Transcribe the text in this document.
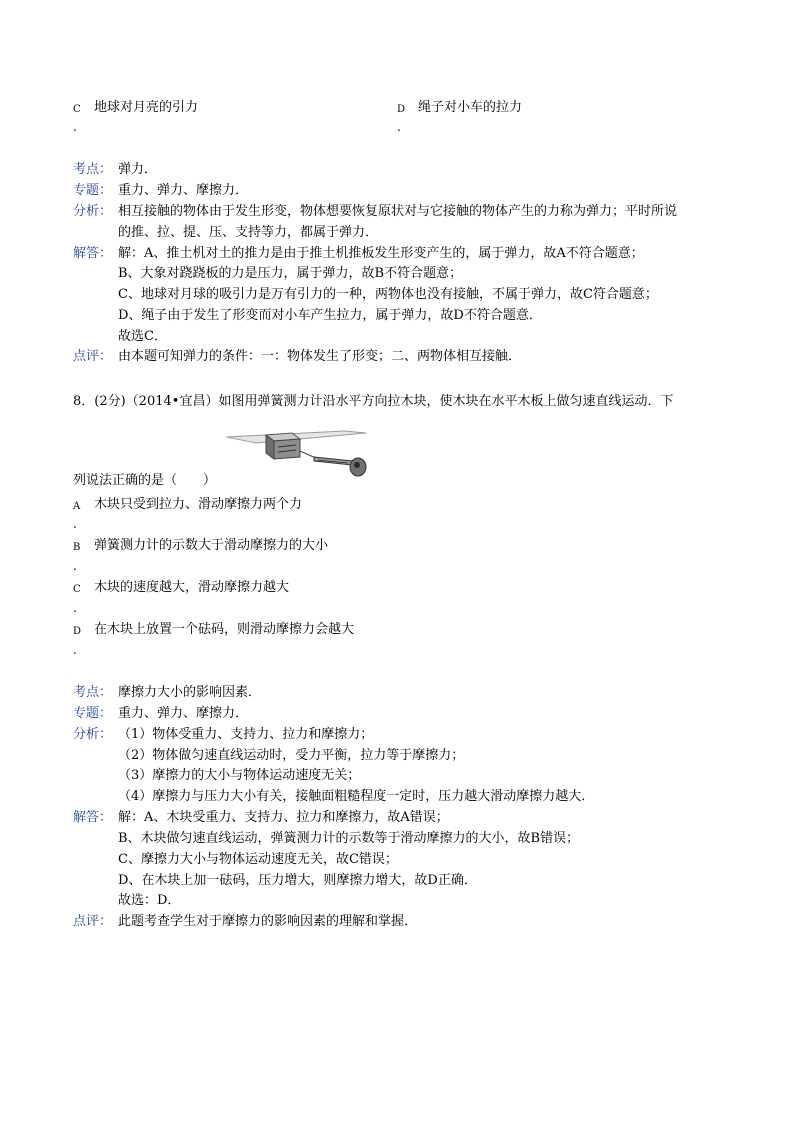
C 地球对月亮的引力
.
D 绳子对小车的拉力
.
考点： 弹力．
专题： 重力、弹力、摩擦力．
分析： 相互接触的物体由于发生形变，物体想要恢复原状对与它接触的物体产生的力称为弹力；平时所说
的推、拉、提、压、支持等力，都属于弹力．
解答： 解：A、推土机对土的推力是由于推土机推板发生形变产生的，属于弹力，故A不符合题意；
B、大象对跷跷板的力是压力，属于弹力，故B不符合题意；
C、地球对月球的吸引力是万有引力的一种，两物体也没有接触，不属于弹力，故C符合题意；
D、绳子由于发生了形变而对小车产生拉力，属于弹力，故D不符合题意．
故选C．
点评： 由本题可知弹力的条件：一：物体发生了形变；二、两物体相互接触．
8．(2分)（2014•宜昌）如图用弹簧测力计沿水平方向拉木块，使木块在水平木板上做匀速直线运动．下
列说法正确的是（　　）
A 木块只受到拉力、滑动摩擦力两个力
.
B 弹簧测力计的示数大于滑动摩擦力的大小
.
C 木块的速度越大，滑动摩擦力越大
.
D 在木块上放置一个砝码，则滑动摩擦力会越大
.
考点： 摩擦力大小的影响因素．
专题： 重力、弹力、摩擦力．
分析： （1）物体受重力、支持力、拉力和摩擦力；
（2）物体做匀速直线运动时，受力平衡，拉力等于摩擦力；
（3）摩擦力的大小与物体运动速度无关；
（4）摩擦力与压力大小有关，接触面粗糙程度一定时，压力越大滑动摩擦力越大．
解答： 解：A、木块受重力、支持力、拉力和摩擦力，故A错误；
B、木块做匀速直线运动，弹簧测力计的示数等于滑动摩擦力的大小，故B错误；
C、摩擦力大小与物体运动速度无关，故C错误；
D、在木块上加一砝码，压力增大，则摩擦力增大，故D正确．
故选：D．
点评： 此题考查学生对于摩擦力的影响因素的理解和掌握．
